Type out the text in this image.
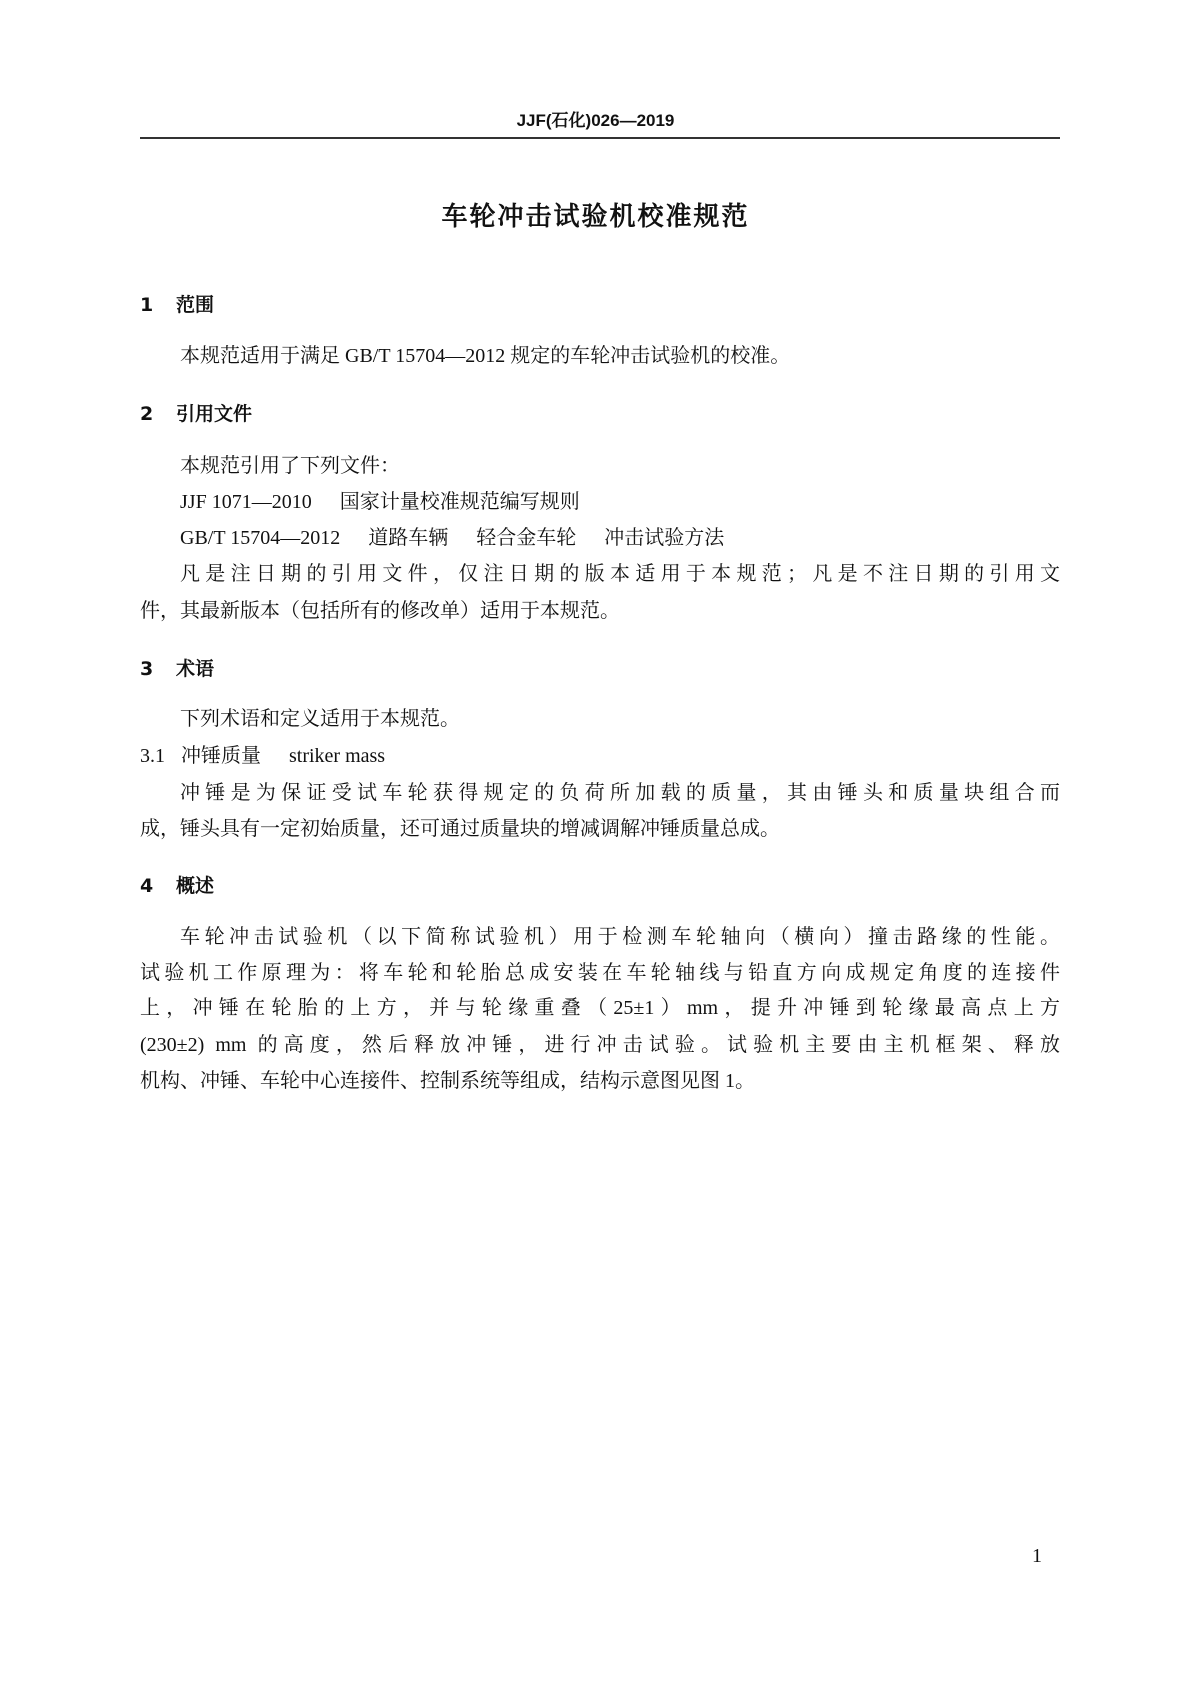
JJF(石化)026—2019
车轮冲击试验机校准规范
1 范围
本规范适用于满足 GB/T 15704—2012 规定的车轮冲击试验机的校准。
2 引用文件
本规范引用了下列文件：
JJF 1071—2010 国家计量校准规范编写规则
GB/T 15704—2012 道路车辆 轻合金车轮 冲击试验方法
凡是注日期的引用文件，仅注日期的版本适用于本规范；凡是不注日期的引用文
件，其最新版本（包括所有的修改单）适用于本规范。
3 术语
下列术语和定义适用于本规范。
3.1 冲锤质量 striker mass
冲锤是为保证受试车轮获得规定的负荷所加载的质量，其由锤头和质量块组合而
成，锤头具有一定初始质量，还可通过质量块的增减调解冲锤质量总成。
4 概述
车轮冲击试验机（以下简称试验机）用于检测车轮轴向（横向）撞击路缘的性能。
试验机工作原理为：将车轮和轮胎总成安装在车轮轴线与铅直方向成规定角度的连接件
上，冲锤在轮胎的上方，并与轮缘重叠（25±1）mm，提升冲锤到轮缘最高点上方
(230±2) mm 的高度，然后释放冲锤，进行冲击试验。试验机主要由主机框架、释放
机构、冲锤、车轮中心连接件、控制系统等组成，结构示意图见图 1。
1
